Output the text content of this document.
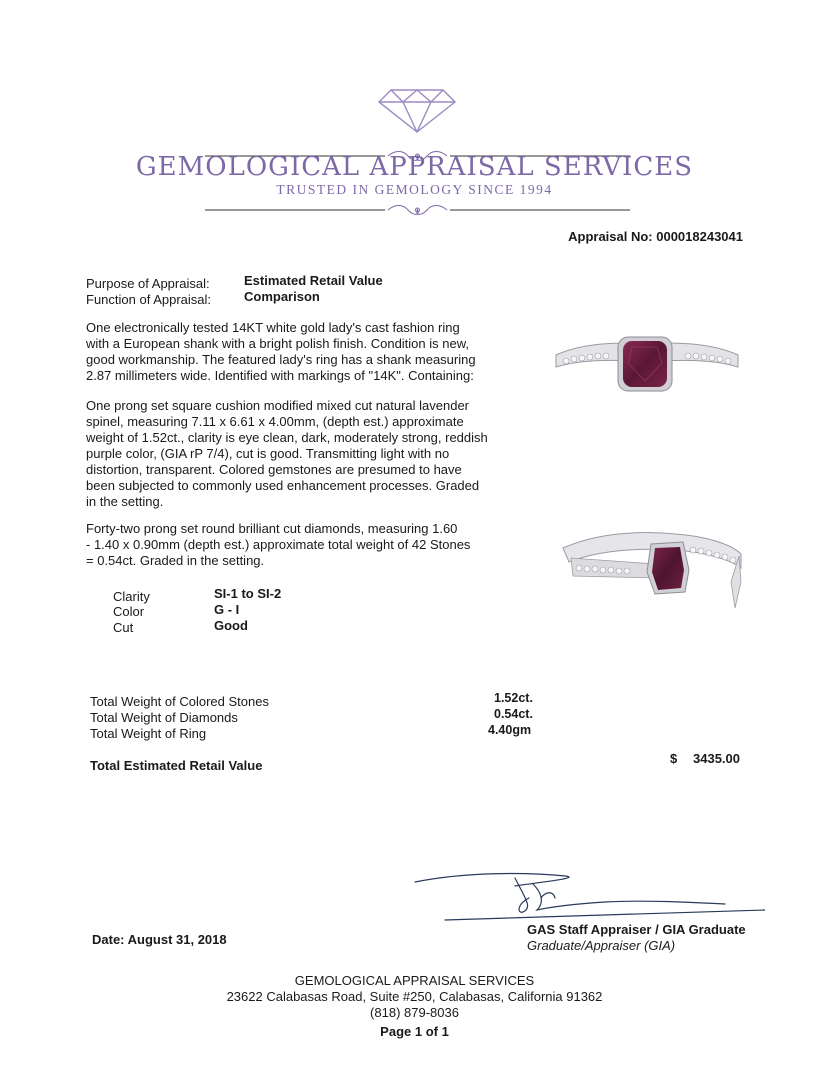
GEMOLOGICAL APPRAISAL SERVICES
TRUSTED IN GEMOLOGY SINCE 1994
Appraisal No: 000018243041
Purpose of Appraisal:	Estimated Retail Value
Function of Appraisal:	Comparison
One electronically tested 14KT white gold lady's cast fashion ring
with a European shank with a bright polish finish. Condition is new,
good workmanship. The featured lady's ring has a shank measuring
2.87 millimeters wide. Identified with markings of "14K". Containing:
One prong set square cushion modified mixed cut natural lavender
spinel, measuring 7.11 x 6.61 x 4.00mm, (depth est.) approximate
weight of 1.52ct., clarity is eye clean, dark, moderately strong, reddish
purple color, (GIA rP 7/4), cut is good. Transmitting light with no
distortion, transparent. Colored gemstones are presumed to have
been subjected to commonly used enhancement processes. Graded
in the setting.
Forty-two prong set round brilliant cut diamonds, measuring 1.60
- 1.40 x 0.90mm (depth est.) approximate total weight of 42 Stones
= 0.54ct. Graded in the setting.
Clarity	SI-1 to SI-2
Color	G - I
Cut	Good
Total Weight of Colored Stones	1.52ct.
Total Weight of Diamonds	0.54ct.
Total Weight of Ring	4.40gm
Total Estimated Retail Value	$ 3435.00
Date: August 31, 2018
GAS Staff Appraiser / GIA Graduate
Graduate/Appraiser (GIA)
GEMOLOGICAL APPRAISAL SERVICES
23622 Calabasas Road, Suite #250, Calabasas, California 91362
(818) 879-8036
Page 1 of 1
